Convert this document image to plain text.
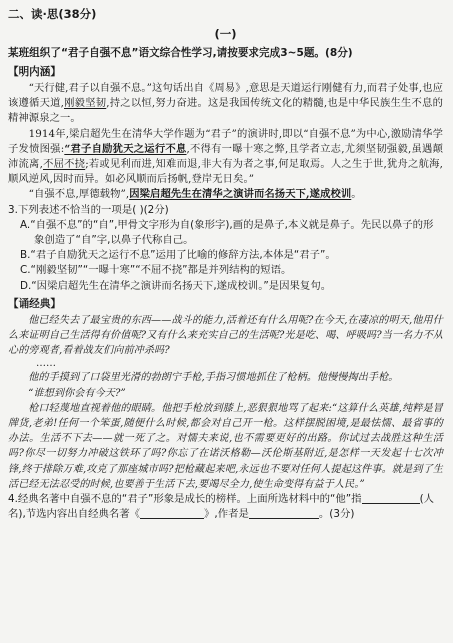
二、读·思(38分)
(一)

某班组织了“君子自强不息”语文综合性学习,请按要求完成3~5题。(8分)

【明内涵】

“天行健,君子以自强不息。”这句话出自《周易》,意思是天道运行刚健有力,而君子处事,也应该遵循天道,刚毅坚韧,持之以恒,努力奋进。这是我国传统文化的精髓,也是中华民族生生不息的精神源泉之一。

1914年,梁启超先生在清华大学作题为“君子”的演讲时,即以“自强不息”为中心,激励清华学子发愤图强:“君子自励犹天之运行不息,不得有一曝十寒之弊,且学者立志,尤须坚韧强毅,虽遇颠沛流离,不屈不挠;若或见利而进,知难而退,非大有为者之事,何足取焉。人之生于世,犹舟之航海,顺风逆风,因时而异。如必风顺而后扬帆,登岸无日矣。”

“自强不息,厚德载物”,因梁启超先生在清华之演讲而名扬天下,遂成校训。

3.下列表述不恰当的一项是( )(2分)

A.“自强不息”的“自”,甲骨文字形为⾃(象形字),画的是鼻子,本义就是鼻子。先民以鼻子的形象创造了“自”字,以鼻子代称自己。

B.“君子自励犹天之运行不息”运用了比喻的修辞方法,本体是“君子”。

C.“刚毅坚韧”“一曝十寒”“不屈不挠”都是并列结构的短语。

D.“因梁启超先生在清华之演讲而名扬天下,遂成校训。”是因果复句。

【诵经典】

他已经失去了最宝贵的东西——战斗的能力,活着还有什么用呢?在今天,在凄凉的明天,他用什么来证明自己生活得有价值呢?又有什么来充实自己的生活呢?光是吃、喝、呼吸吗?当一名力不从心的旁观者,看着战友们向前冲杀吗?

……

他的手摸到了口袋里光滑的勃朗宁手枪,手指习惯地抓住了枪柄。他慢慢掏出手枪。

“谁想到你会有今天?”

枪口轻蔑地直视着他的眼睛。他把手枪放到膝上,恶狠狠地骂了起来:“这算什么英雄,纯粹是冒牌货,老弟!任何一个笨蛋,随便什么时候,都会对自己开一枪。这样摆脱困境,是最怯懦、最省事的办法。生活不下去——就一死了之。对懦夫来说,也不需要更好的出路。你试过去战胜这种生活吗?你尽一切努力冲破这铁环了吗?你忘了在诺沃格勒—沃伦斯基附近,是怎样一天发起十七次冲锋,终于排除万难,攻克了那座城市吗?把枪藏起来吧,永远也不要对任何人提起这件事。就是到了生活已经无法忍受的时候,也要善于生活下去,要竭尽全力,使生命变得有益于人民。”

4.经典名著中自强不息的“君子”形象是成长的榜样。上面所选材料中的“他”指	(人名),节选内容出自经典名著《	》,作者是	。(3分)
